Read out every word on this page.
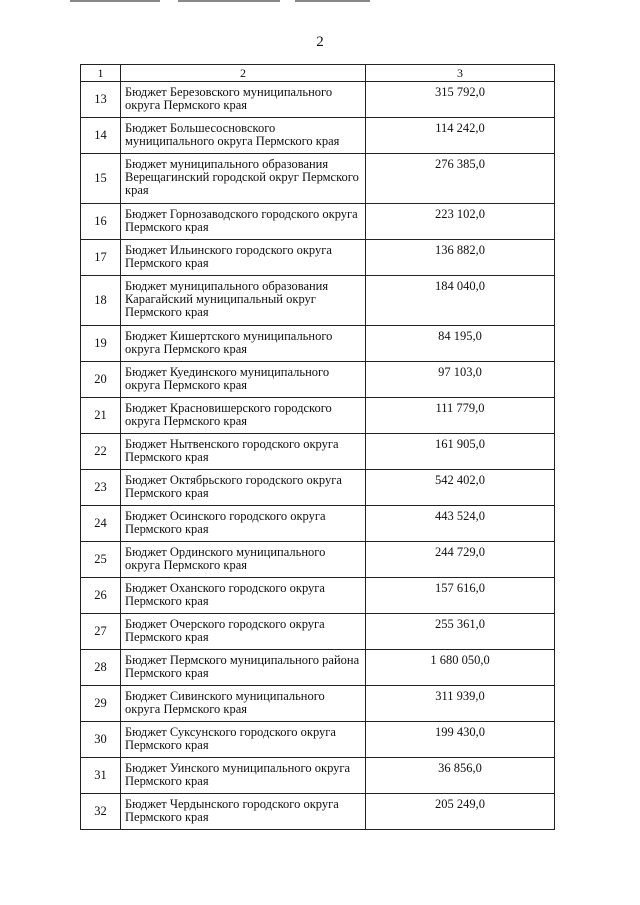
2
1	2	3
13	Бюджет Березовского муниципального округа Пермского края	315 792,0
14	Бюджет Большесосновского муниципального округа Пермского края	114 242,0
15	Бюджет муниципального образования Верещагинский городской округ Пермского края	276 385,0
16	Бюджет Горнозаводского городского округа Пермского края	223 102,0
17	Бюджет Ильинского городского округа Пермского края	136 882,0
18	Бюджет муниципального образования Карагайский муниципальный округ Пермского края	184 040,0
19	Бюджет Кишертского муниципального округа Пермского края	84 195,0
20	Бюджет Куединского муниципального округа Пермского края	97 103,0
21	Бюджет Красновишерского городского округа Пермского края	111 779,0
22	Бюджет Нытвенского городского округа Пермского края	161 905,0
23	Бюджет Октябрьского городского округа Пермского края	542 402,0
24	Бюджет Осинского городского округа Пермского края	443 524,0
25	Бюджет Ординского муниципального округа Пермского края	244 729,0
26	Бюджет Оханского городского округа Пермского края	157 616,0
27	Бюджет Очерского городского округа Пермского края	255 361,0
28	Бюджет Пермского муниципального района Пермского края	1 680 050,0
29	Бюджет Сивинского муниципального округа Пермского края	311 939,0
30	Бюджет Суксунского городского округа Пермского края	199 430,0
31	Бюджет Уинского муниципального округа Пермского края	36 856,0
32	Бюджет Чердынского городского округа Пермского края	205 249,0
